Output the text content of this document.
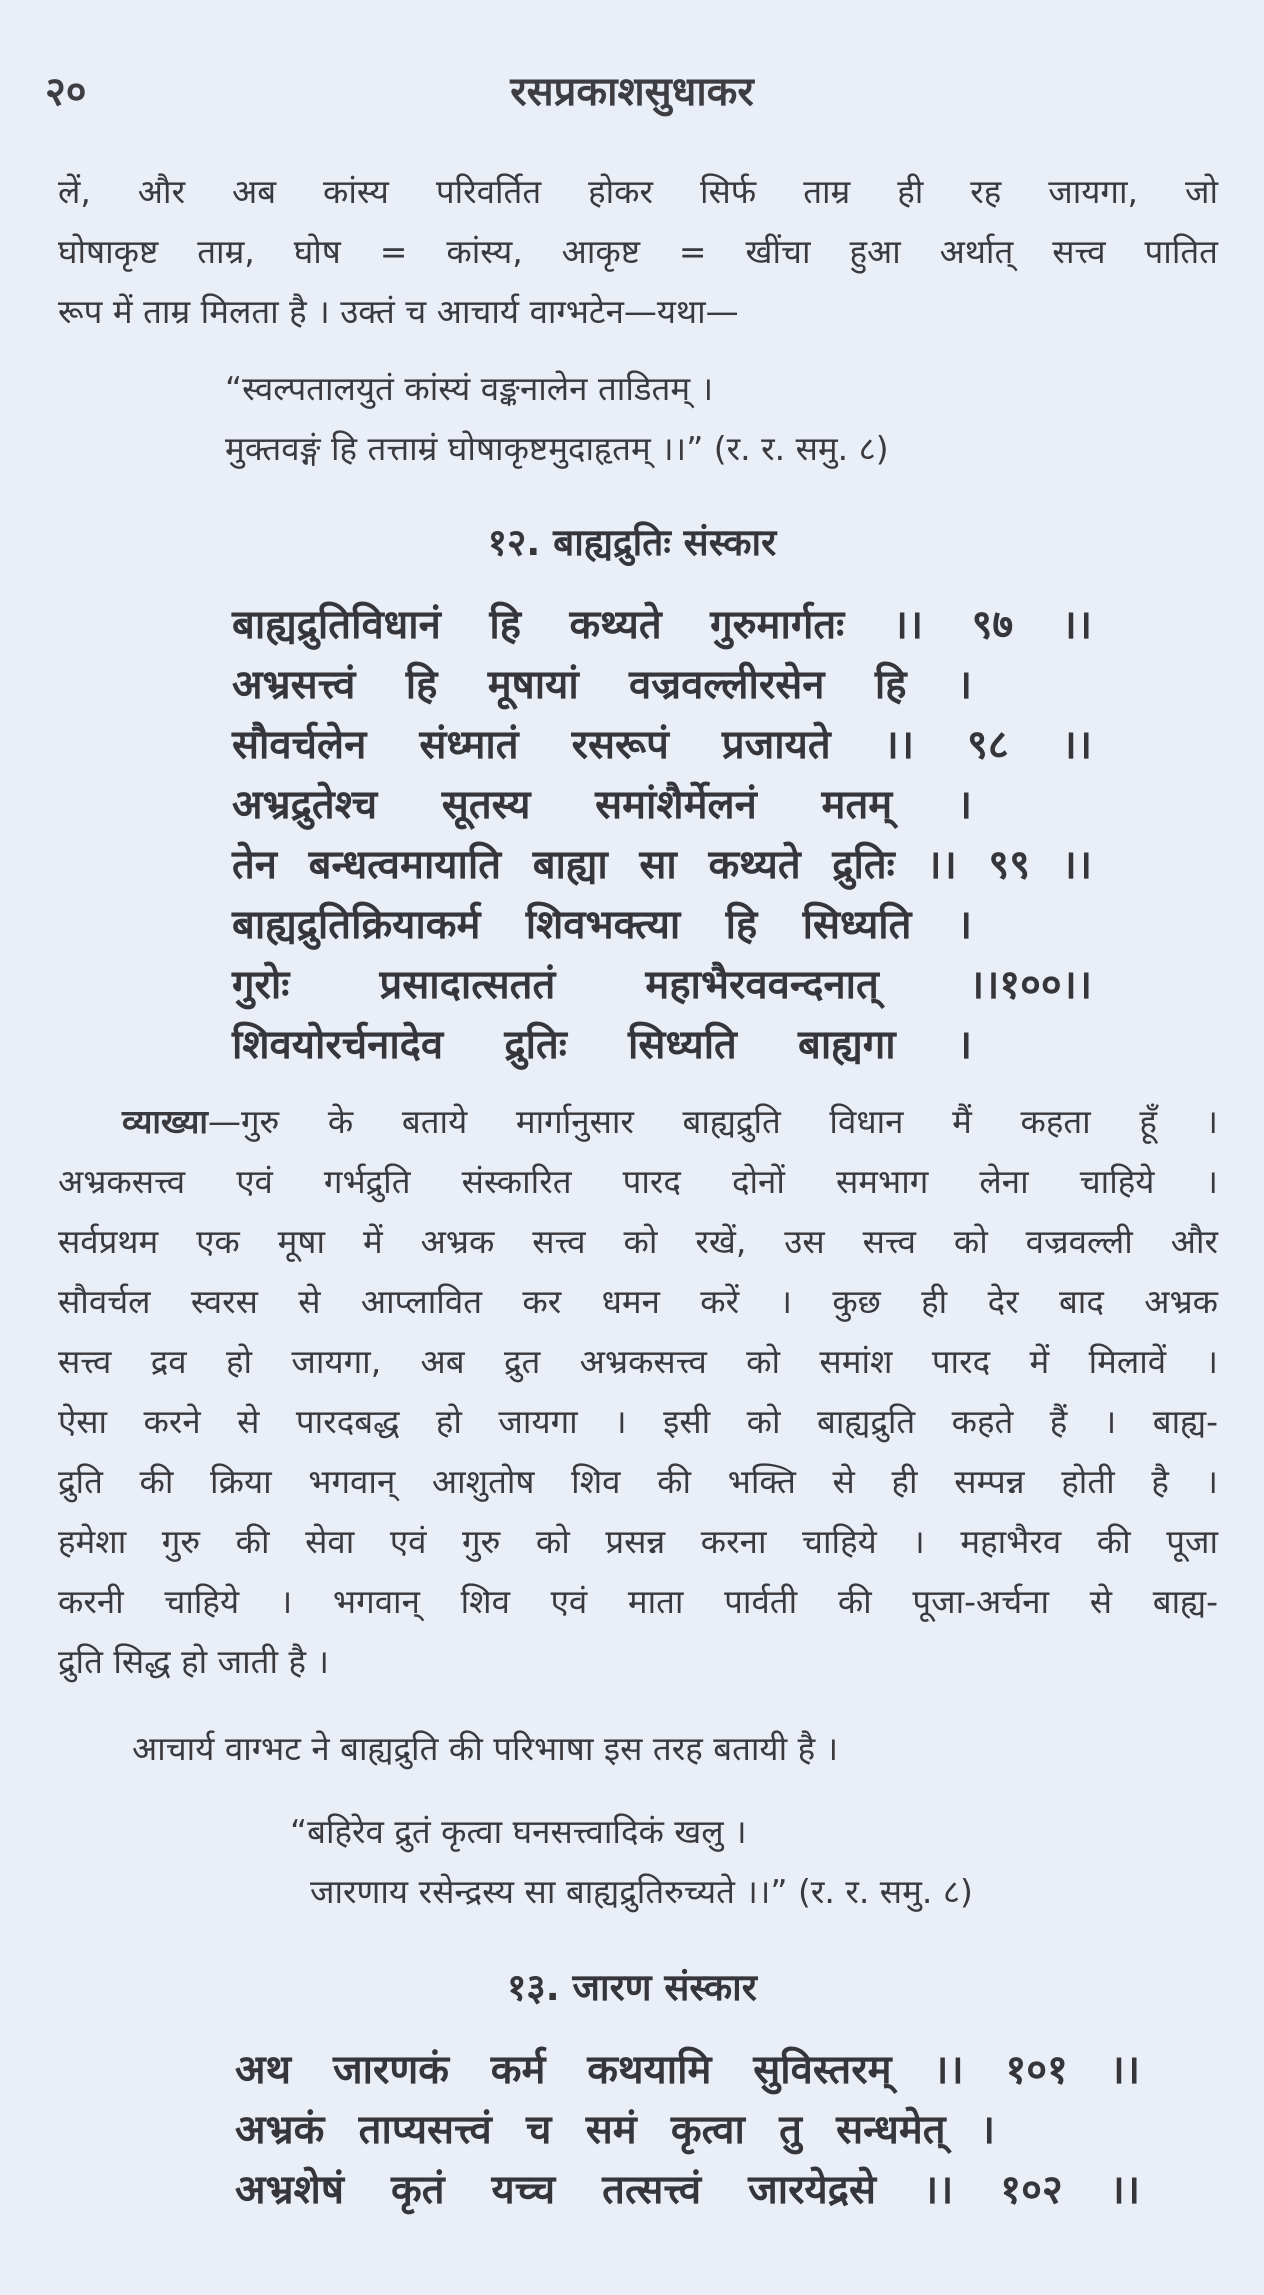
२०	रसप्रकाशसुधाकर
लें, और अब कांस्य परिवर्तित होकर सिर्फ ताम्र ही रह जायगा, जो
घोषाकृष्ट ताम्र, घोष = कांस्य, आकृष्ट = खींचा हुआ अर्थात् सत्त्व पातित
रूप में ताम्र मिलता है । उक्तं च आचार्य वाग्भटेन—यथा—
“स्वल्पतालयुतं कांस्यं वङ्कनालेन ताडितम् ।
मुक्तवङ्गं हि तत्ताम्रं घोषाकृष्टमुदाहृतम् ।।” (र. र. समु. ८)
१२. बाह्यद्रुतिः संस्कार
बाह्यद्रुतिविधानं हि कथ्यते गुरुमार्गतः ।। ९७ ।।
अभ्रसत्त्वं हि मूषायां वज्रवल्लीरसेन हि ।
सौवर्चलेन संध्मातं रसरूपं प्रजायते ।। ९८ ।।
अभ्रद्रुतेश्च सूतस्य समांशैर्मेलनं मतम् ।
तेन बन्धत्वमायाति बाह्या सा कथ्यते द्रुतिः ।। ९९ ।।
बाह्यद्रुतिक्रियाकर्म शिवभक्त्या हि सिध्यति ।
गुरोः प्रसादात्सततं महाभैरववन्दनात् ।।१००।।
शिवयोरर्चनादेव द्रुतिः सिध्यति बाह्यगा ।
व्याख्या—गुरु के बताये मार्गानुसार बाह्यद्रुति विधान मैं कहता हूँ ।
अभ्रकसत्त्व एवं गर्भद्रुति संस्कारित पारद दोनों समभाग लेना चाहिये ।
सर्वप्रथम एक मूषा में अभ्रक सत्त्व को रखें, उस सत्त्व को वज्रवल्ली और
सौवर्चल स्वरस से आप्लावित कर धमन करें । कुछ ही देर बाद अभ्रक
सत्त्व द्रव हो जायगा, अब द्रुत अभ्रकसत्त्व को समांश पारद में मिलावें ।
ऐसा करने से पारदबद्ध हो जायगा । इसी को बाह्यद्रुति कहते हैं । बाह्य-
द्रुति की क्रिया भगवान् आशुतोष शिव की भक्ति से ही सम्पन्न होती है ।
हमेशा गुरु की सेवा एवं गुरु को प्रसन्न करना चाहिये । महाभैरव की पूजा
करनी चाहिये । भगवान् शिव एवं माता पार्वती की पूजा-अर्चना से बाह्य-
द्रुति सिद्ध हो जाती है ।
आचार्य वाग्भट ने बाह्यद्रुति की परिभाषा इस तरह बतायी है ।
“बहिरेव द्रुतं कृत्वा घनसत्त्वादिकं खलु ।
जारणाय रसेन्द्रस्य सा बाह्यद्रुतिरुच्यते ।।” (र. र. समु. ८)
१३. जारण संस्कार
अथ जारणकं कर्म कथयामि सुविस्तरम् ।। १०१ ।।
अभ्रकं ताप्यसत्त्वं च समं कृत्वा तु सन्धमेत् ।
अभ्रशेषं कृतं यच्च तत्सत्त्वं जारयेद्रसे ।। १०२ ।।
